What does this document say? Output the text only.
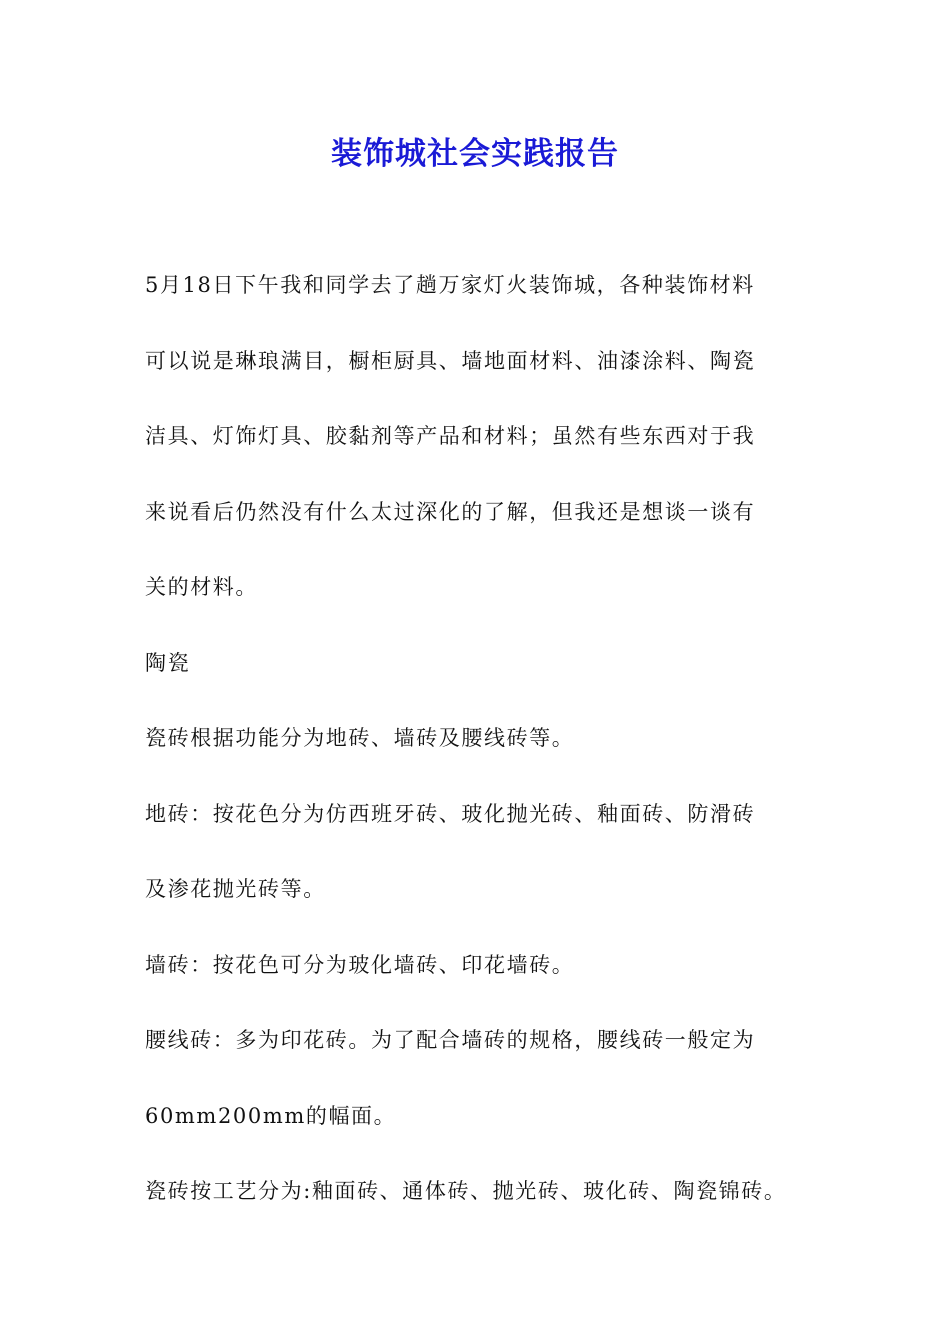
装饰城社会实践报告

5月18日下午我和同学去了趟万家灯火装饰城，各种装饰材料

可以说是琳琅满目，橱柜厨具、墙地面材料、油漆涂料、陶瓷

洁具、灯饰灯具、胶黏剂等产品和材料；虽然有些东西对于我

来说看后仍然没有什么太过深化的了解，但我还是想谈一谈有

关的材料。

陶瓷

瓷砖根据功能分为地砖、墙砖及腰线砖等。

地砖：按花色分为仿西班牙砖、玻化抛光砖、釉面砖、防滑砖

及渗花抛光砖等。

墙砖：按花色可分为玻化墙砖、印花墙砖。

腰线砖：多为印花砖。为了配合墙砖的规格，腰线砖一般定为

60mm200mm的幅面。

瓷砖按工艺分为:釉面砖、通体砖、抛光砖、玻化砖、陶瓷锦砖。
